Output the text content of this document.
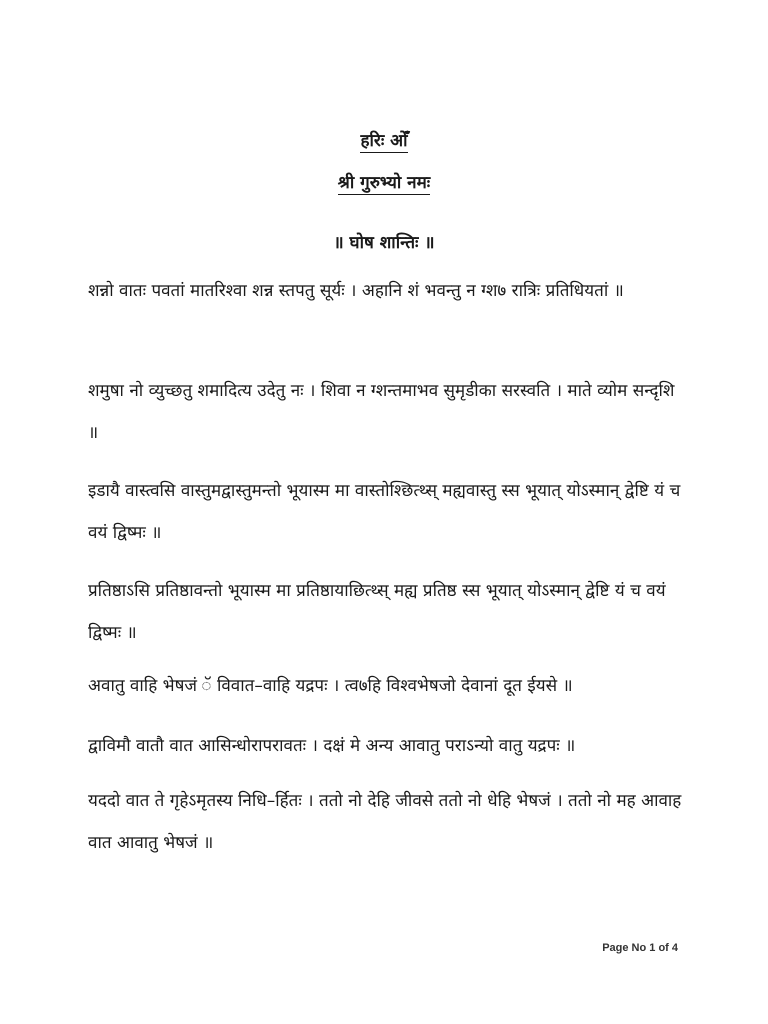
हरिः ओँ
श्री गुरुभ्यो नमः
॥ घोष शान्तिः ॥

शन्नो वातः पवतां मातरिश्वा शन्न स्तपतु सूर्यः । अहानि शं भवन्तु न ग्श७ रात्रिः प्रतिधियतां ॥

शमुषा नो व्युच्छतु शमादित्य उदेतु नः । शिवा न ग्शन्तमाभव सुमृडीका सरस्वति । माते व्योम सन्दृशि ॥

इडायै वास्त्वसि वास्तुमद्वास्तुमन्तो भूयास्म मा वास्तोश्छित्थ्स् मह्यवास्तु स्स भूयात् योऽस्मान् द्वेष्टि यं च वयं द्विष्मः ॥

प्रतिष्ठाऽसि प्रतिष्ठावन्तो भूयास्म मा प्रतिष्ठायाछित्थ्स् मह्य प्रतिष्ठ स्स भूयात् योऽस्मान् द्वेष्टि यं च वयं द्विष्मः ॥

अवातु वाहि भेषजं ॅ विवात–वाहि यद्रपः । त्व७हि विश्वभेषजो देवानां दूत ईयसे ॥

द्वाविमौ वातौ वात आसिन्धोरापरावतः । दक्षं मे अन्य आवातु पराऽन्यो वातु यद्रपः ॥

यददो वात ते गृहेऽमृतस्य निधि–र्हितः । ततो नो देहि जीवसे ततो नो धेहि भेषजं । ततो नो मह आवाह वात आवातु भेषजं ॥

Page No 1 of 4
